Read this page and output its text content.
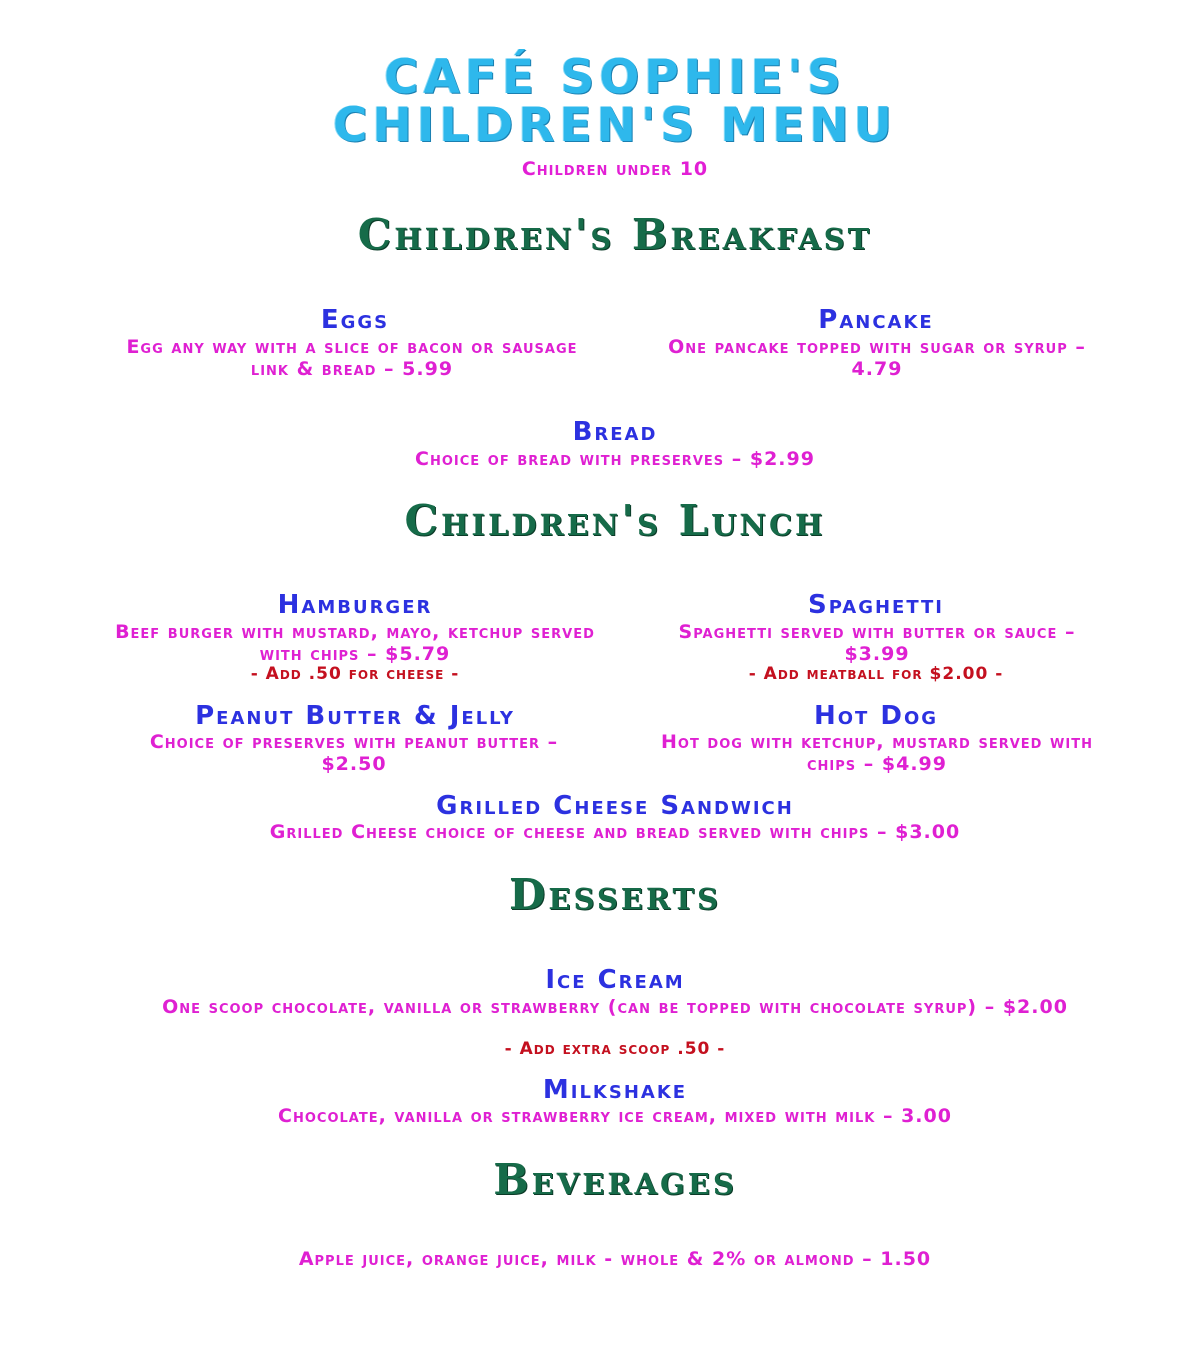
CAFÉ SOPHIE'S
CHILDREN'S MENU
Children under 10
Children's Breakfast
Eggs
Egg any way with a slice of bacon or sausage link & bread – 5.99
Pancake
One pancake topped with sugar or syrup – 4.79
Bread
Choice of bread with preserves – $2.99
Children's Lunch
Hamburger
Beef burger with mustard, mayo, ketchup served with chips – $5.79
- Add .50 for cheese -
Spaghetti
Spaghetti served with butter or sauce – $3.99
- Add meatball for $2.00 -
Peanut Butter & Jelly
Choice of preserves with peanut butter – $2.50
Hot Dog
Hot dog with ketchup, mustard served with chips – $4.99
Grilled Cheese Sandwich
Grilled Cheese choice of cheese and bread served with chips – $3.00
Desserts
Ice Cream
One scoop chocolate, vanilla or strawberry (can be topped with chocolate syrup) – $2.00
- Add extra scoop .50 -
Milkshake
Chocolate, vanilla or strawberry ice cream, mixed with milk – 3.00
Beverages
Apple juice, orange juice, milk - whole & 2% or almond – 1.50
